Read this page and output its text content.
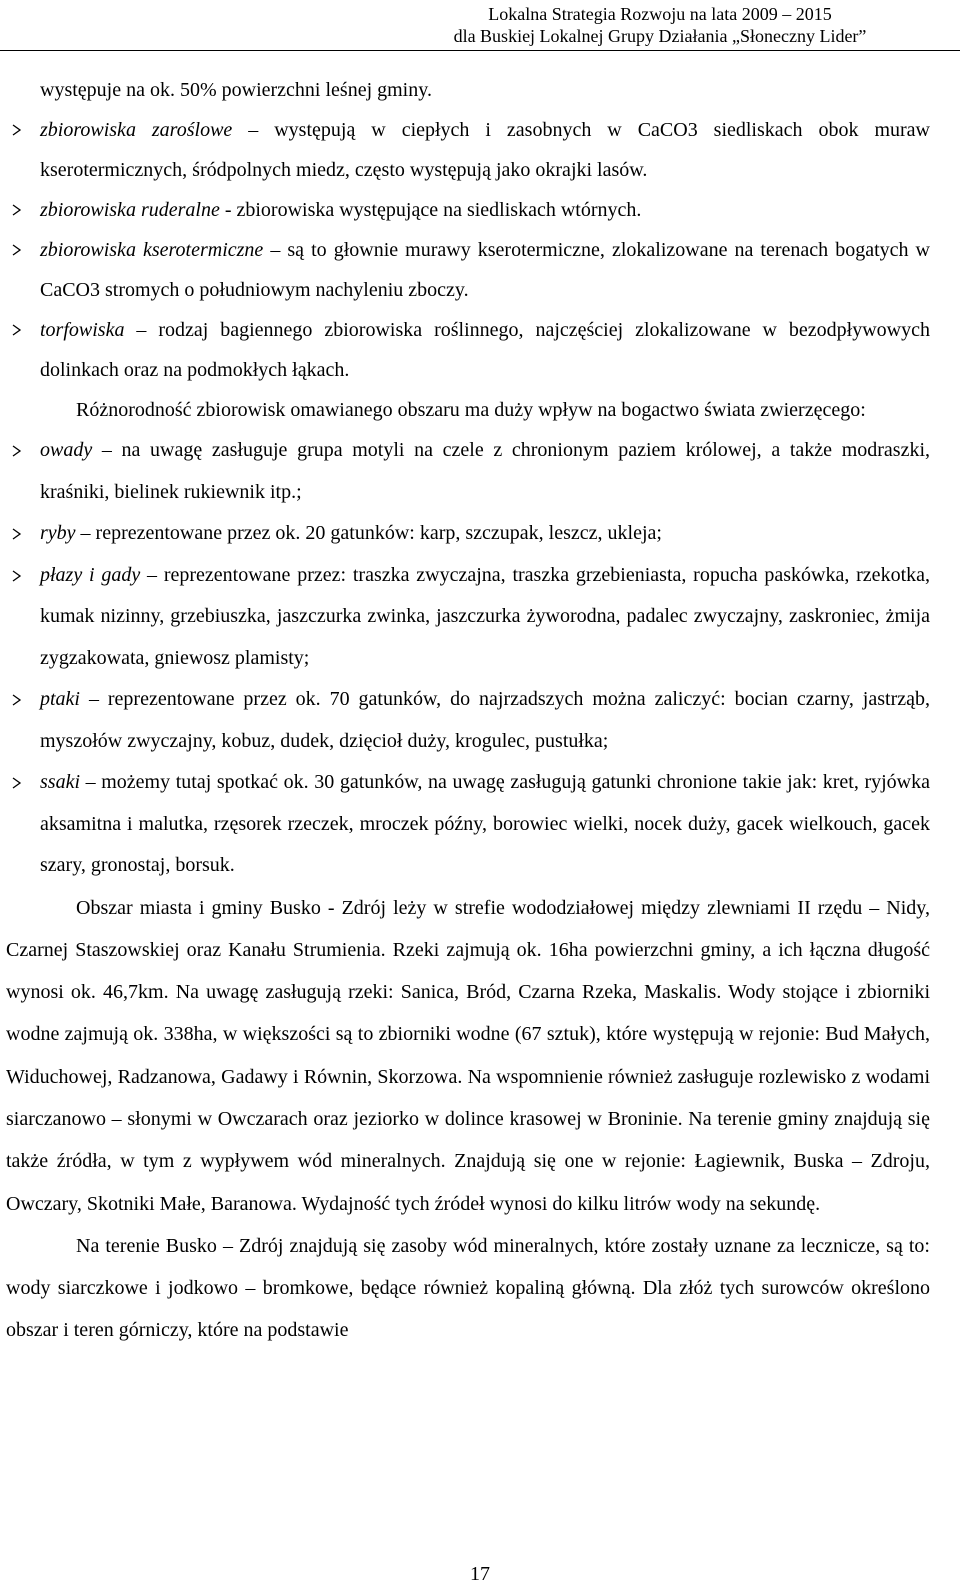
Lokalna Strategia Rozwoju na lata 2009 – 2015
dla Buskiej Lokalnej Grupy Działania „Słoneczny Lider”

występuje na ok. 50% powierzchni leśnej gminy.

zbiorowiska zaroślowe – występują w ciepłych i zasobnych w CaCO3 siedliskach obok muraw kserotermicznych, śródpolnych miedz, często występują jako okrajki lasów.

zbiorowiska ruderalne - zbiorowiska występujące na siedliskach wtórnych.

zbiorowiska kserotermiczne – są to głownie murawy kserotermiczne, zlokalizowane na terenach bogatych w CaCO3 stromych o południowym nachyleniu zboczy.

torfowiska – rodzaj bagiennego zbiorowiska roślinnego, najczęściej zlokalizowane w bezodpływowych dolinkach oraz na podmokłych łąkach.

Różnorodność zbiorowisk omawianego obszaru ma duży wpływ na bogactwo świata zwierzęcego:

owady – na uwagę zasługuje grupa motyli na czele z chronionym paziem królowej, a także modraszki, kraśniki, bielinek rukiewnik itp.;

ryby – reprezentowane przez ok. 20 gatunków: karp, szczupak, leszcz, ukleja;

płazy i gady – reprezentowane przez: traszka zwyczajna, traszka grzebieniasta, ropucha paskówka, rzekotka, kumak nizinny, grzebiuszka, jaszczurka zwinka, jaszczurka żyworodna, padalec zwyczajny, zaskroniec, żmija zygzakowata, gniewosz plamisty;

ptaki – reprezentowane przez ok. 70 gatunków, do najrzadszych można zaliczyć: bocian czarny, jastrząb, myszołów zwyczajny, kobuz, dudek, dzięcioł duży, krogulec, pustułka;

ssaki – możemy tutaj spotkać ok. 30 gatunków, na uwagę zasługują gatunki chronione takie jak: kret, ryjówka aksamitna i malutka, rzęsorek rzeczek, mroczek późny, borowiec wielki, nocek duży, gacek wielkouch, gacek szary, gronostaj, borsuk.

Obszar miasta i gminy Busko - Zdrój leży w strefie wododziałowej między zlewniami II rzędu – Nidy, Czarnej Staszowskiej oraz Kanału Strumienia. Rzeki zajmują ok. 16ha powierzchni gminy, a ich łączna długość wynosi ok. 46,7km. Na uwagę zasługują rzeki: Sanica, Bród, Czarna Rzeka, Maskalis. Wody stojące i zbiorniki wodne zajmują ok. 338ha, w większości są to zbiorniki wodne (67 sztuk), które występują w rejonie: Bud Małych, Widuchowej, Radzanowa, Gadawy i Równin, Skorzowa. Na wspomnienie również zasługuje rozlewisko z wodami siarczanowo – słonymi w Owczarach oraz jeziorko w dolince krasowej w Broninie. Na terenie gminy znajdują się także źródła, w tym z wypływem wód mineralnych. Znajdują się one w rejonie: Łagiewnik, Buska – Zdroju, Owczary, Skotniki Małe, Baranowa. Wydajność tych źródeł wynosi do kilku litrów wody na sekundę.

Na terenie Busko – Zdrój znajdują się zasoby wód mineralnych, które zostały uznane za lecznicze, są to: wody siarczkowe i jodkowo – bromkowe, będące również kopaliną główną. Dla złóż tych surowców określono obszar i teren górniczy, które na podstawie

17
